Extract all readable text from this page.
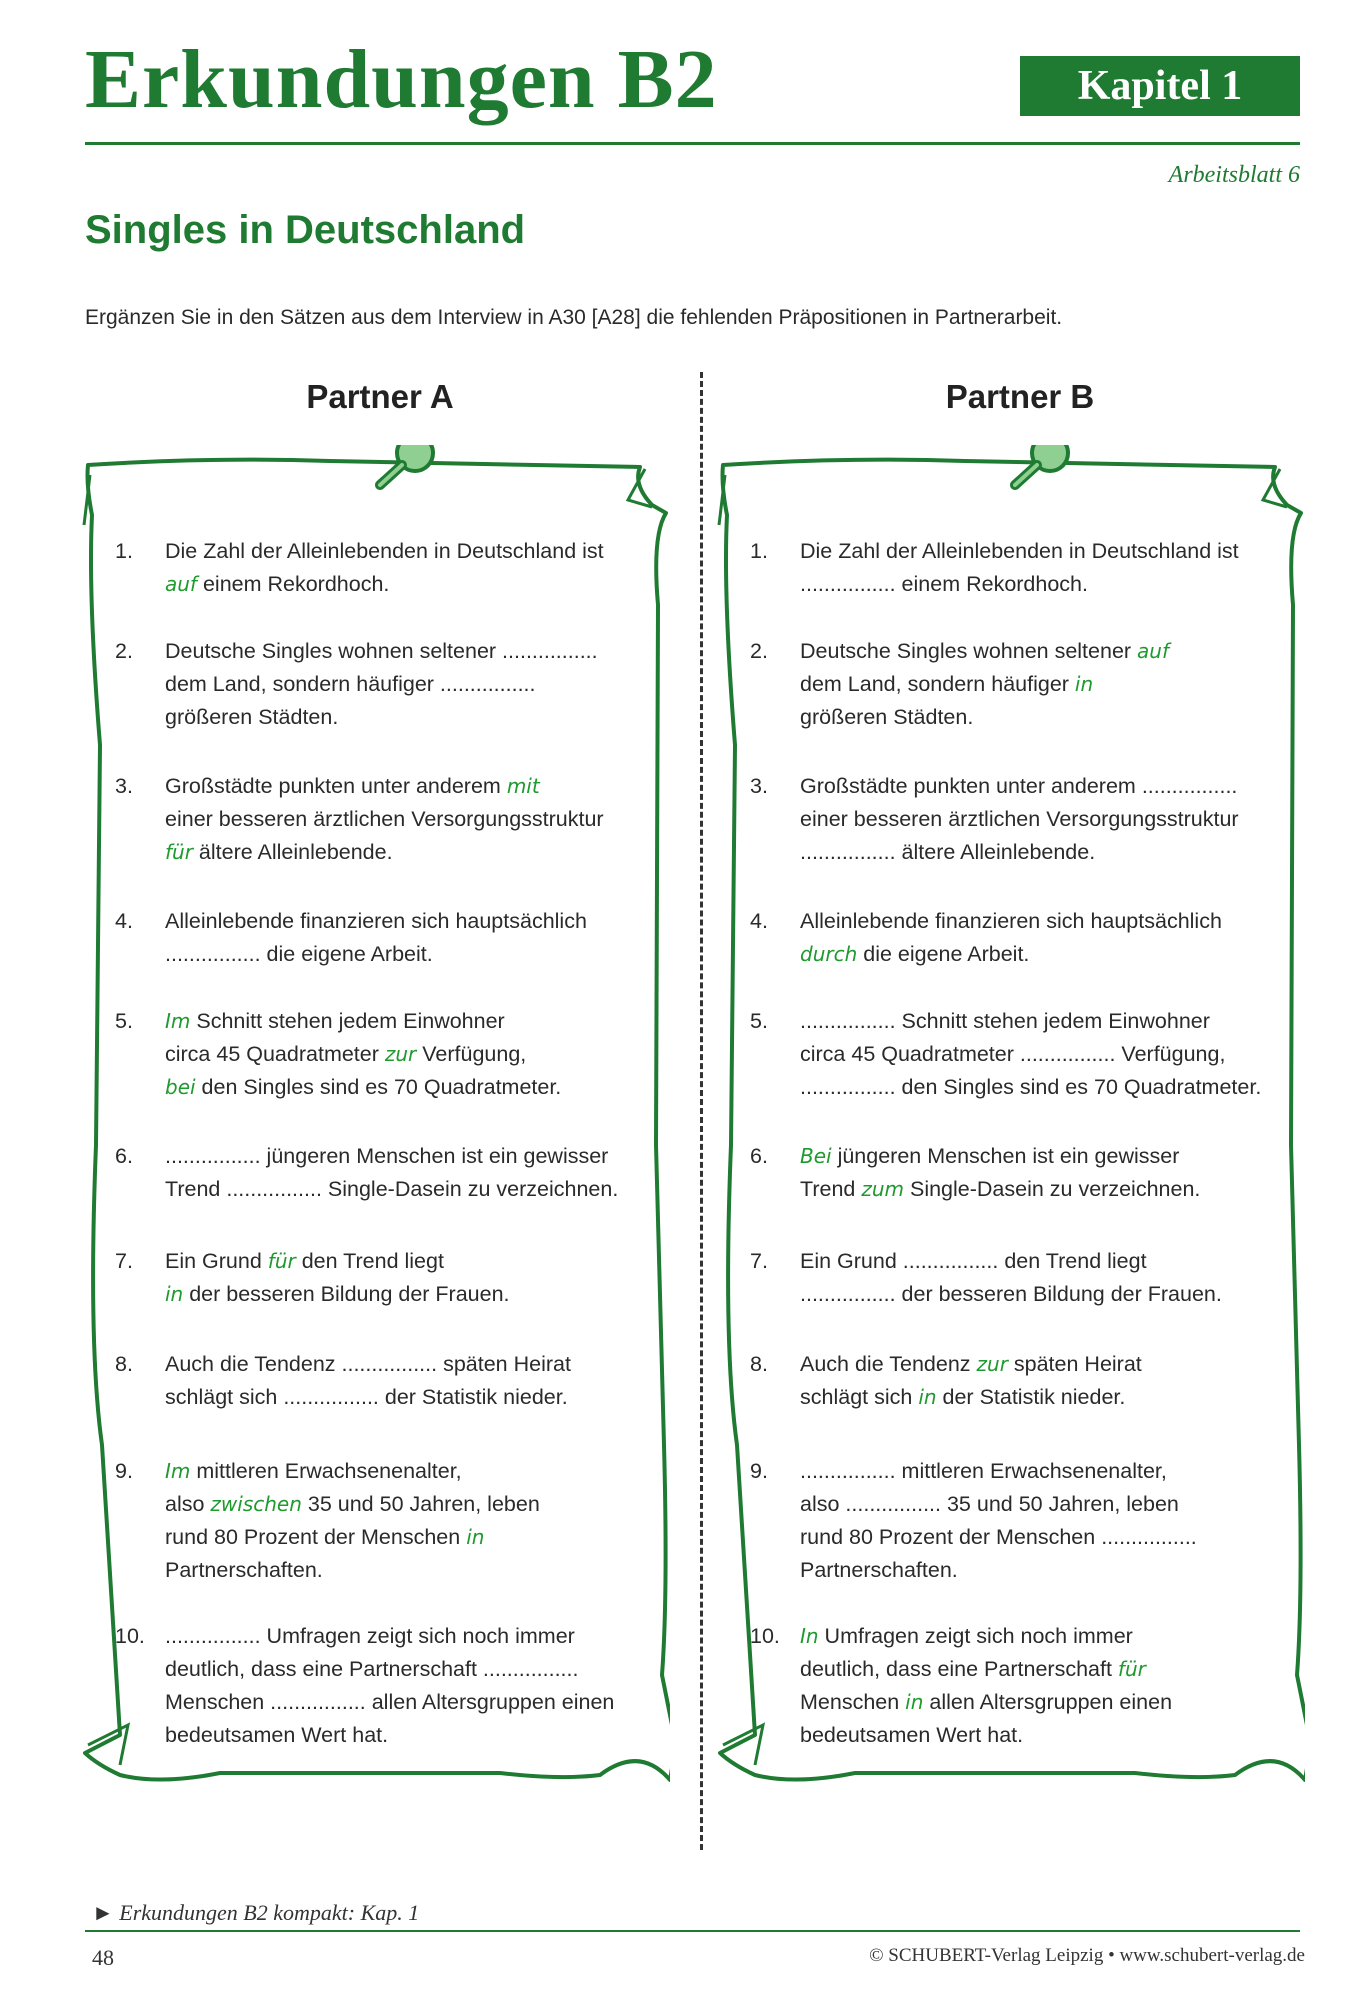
Erkundungen B2	Kapitel 1
Arbeitsblatt 6
Singles in Deutschland
Ergänzen Sie in den Sätzen aus dem Interview in A30 [A28] die fehlenden Präpositionen in Partnerarbeit.
Partner A	Partner B
1.	Die Zahl der Alleinlebenden in Deutschland ist
auf einem Rekordhoch.
2.	Deutsche Singles wohnen seltener ................
dem Land, sondern häufiger ................
größeren Städten.
3.	Großstädte punkten unter anderem mit
einer besseren ärztlichen Versorgungsstruktur
für ältere Alleinlebende.
4.	Alleinlebende finanzieren sich hauptsächlich
................ die eigene Arbeit.
5.	Im Schnitt stehen jedem Einwohner
circa 45 Quadratmeter zur Verfügung,
bei den Singles sind es 70 Quadratmeter.
6.	................ jüngeren Menschen ist ein gewisser
Trend ................ Single-Dasein zu verzeichnen.
7.	Ein Grund für den Trend liegt
in der besseren Bildung der Frauen.
8.	Auch die Tendenz ................ späten Heirat
schlägt sich ................ der Statistik nieder.
9.	Im mittleren Erwachsenenalter,
also zwischen 35 und 50 Jahren, leben
rund 80 Prozent der Menschen in
Partnerschaften.
10. ................ Umfragen zeigt sich noch immer
deutlich, dass eine Partnerschaft ................
Menschen ................ allen Altersgruppen einen
bedeutsamen Wert hat.
1.	Die Zahl der Alleinlebenden in Deutschland ist
................ einem Rekordhoch.
2.	Deutsche Singles wohnen seltener auf
dem Land, sondern häufiger in
größeren Städten.
3.	Großstädte punkten unter anderem ................
einer besseren ärztlichen Versorgungsstruktur
................ ältere Alleinlebende.
4.	Alleinlebende finanzieren sich hauptsächlich
durch die eigene Arbeit.
5.	................ Schnitt stehen jedem Einwohner
circa 45 Quadratmeter ................ Verfügung,
................ den Singles sind es 70 Quadratmeter.
6.	Bei jüngeren Menschen ist ein gewisser
Trend zum Single-Dasein zu verzeichnen.
7.	Ein Grund ................ den Trend liegt
................ der besseren Bildung der Frauen.
8.	Auch die Tendenz zur späten Heirat
schlägt sich in der Statistik nieder.
9.	................ mittleren Erwachsenenalter,
also ................ 35 und 50 Jahren, leben
rund 80 Prozent der Menschen ................
Partnerschaften.
10.	In Umfragen zeigt sich noch immer
deutlich, dass eine Partnerschaft für
Menschen in allen Altersgruppen einen
bedeutsamen Wert hat.
► Erkundungen B2 kompakt: Kap. 1
48	© SCHUBERT-Verlag Leipzig • www.schubert-verlag.de
